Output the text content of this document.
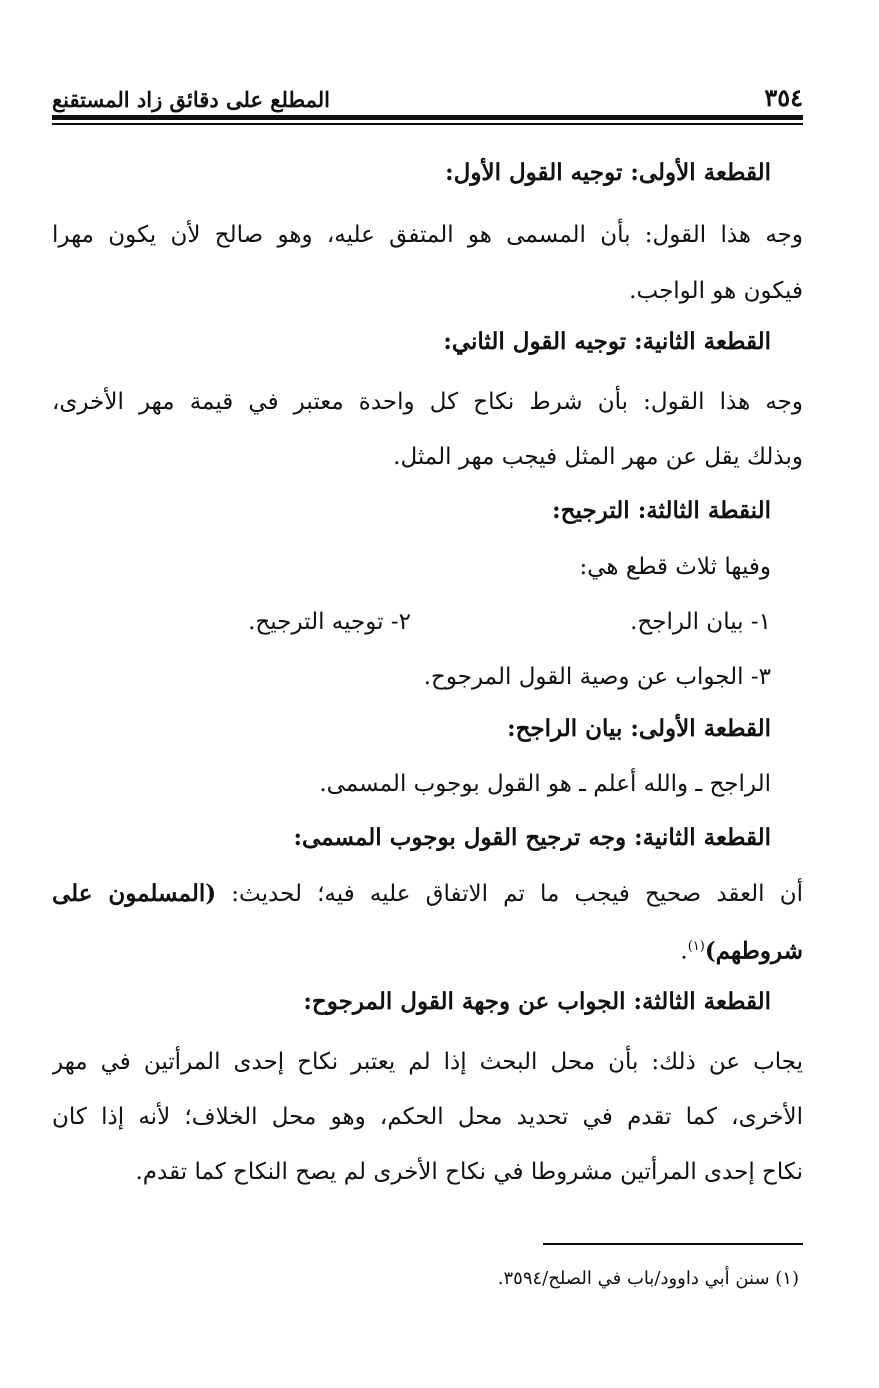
٣٥٤
المطلع على دقائق زاد المستقنع
القطعة الأولى: توجيه القول الأول:
وجه هذا القول: بأن المسمى هو المتفق عليه، وهو صالح لأن يكون مهرا
فيكون هو الواجب.
القطعة الثانية: توجيه القول الثاني:
وجه هذا القول: بأن شرط نكاح كل واحدة معتبر في قيمة مهر الأخرى،
وبذلك يقل عن مهر المثل فيجب مهر المثل.
النقطة الثالثة: الترجيح:
وفيها ثلاث قطع هي:
١- بيان الراجح.
٢- توجيه الترجيح.
٣- الجواب عن وصية القول المرجوح.
القطعة الأولى: بيان الراجح:
الراجح ـ والله أعلم ـ هو القول بوجوب المسمى.
القطعة الثانية: وجه ترجيح القول بوجوب المسمى:
أن العقد صحيح فيجب ما تم الاتفاق عليه فيه؛ لحديث: (المسلمون على
شروطهم)$^{(١)}$.
القطعة الثالثة: الجواب عن وجهة القول المرجوح:
يجاب عن ذلك: بأن محل البحث إذا لم يعتبر نكاح إحدى المرأتين في مهر
الأخرى، كما تقدم في تحديد محل الحكم، وهو محل الخلاف؛ لأنه إذا كان
نكاح إحدى المرأتين مشروطا في نكاح الأخرى لم يصح النكاح كما تقدم.
(١) سنن أبي داوود/باب في الصلح/٣٥٩٤.
